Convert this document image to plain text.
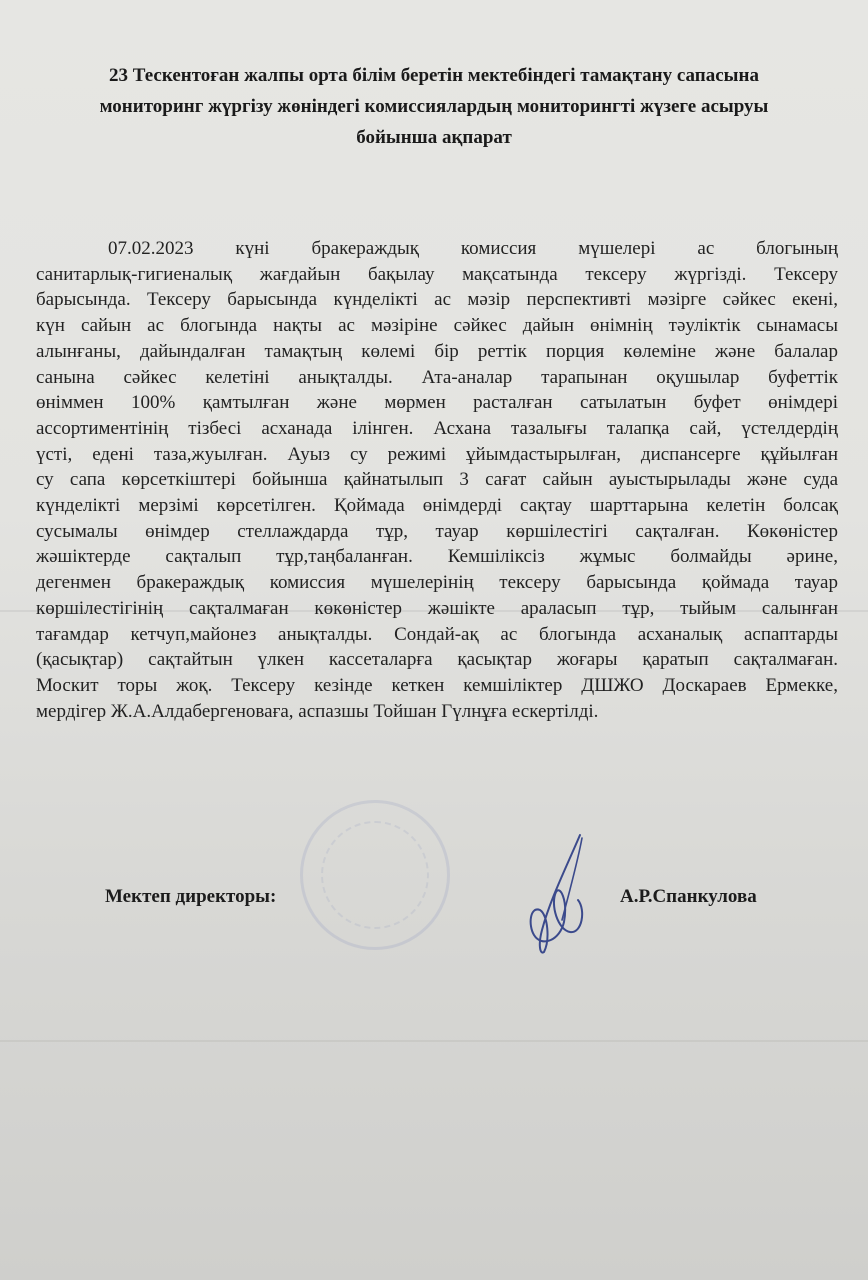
23 Тескентоған жалпы орта білім беретін мектебіндегі тамақтану сапасына
мониторинг жүргізу жөніндегі комиссиялардың мониторингті жүзеге асыруы
бойынша ақпарат
07.02.2023 күні бракераждық комиссия мүшелері ас блогының
санитарлық-гигиеналық жағдайын бақылау мақсатында тексеру жүргізді. Тексеру
барысында. Тексеру барысында күнделікті ас мәзір перспективті мәзірге сәйкес екені,
күн сайын ас блогында нақты ас мәзіріне сәйкес дайын өнімнің тәуліктік сынамасы
алынғаны, дайындалған тамақтың көлемі бір реттік порция көлеміне және балалар
санына сәйкес келетіні анықталды. Ата-аналар тарапынан оқушылар буфеттік
өніммен 100% қамтылған және мөрмен расталған сатылатын буфет өнімдері
ассортиментінің тізбесі асханада ілінген. Асхана тазалығы талапқа сай, үстелдердің
үсті, едені таза,жуылған. Ауыз су режимі ұйымдастырылған, диспансерге құйылған
су сапа көрсеткіштері бойынша қайнатылып 3 сағат сайын ауыстырылады және суда
күнделікті мерзімі көрсетілген. Қоймада өнімдерді сақтау шарттарына келетін болсақ
сусымалы өнімдер стеллаждарда тұр, тауар көршілестігі сақталған. Көкөністер
жәшіктерде сақталып тұр,таңбаланған. Кемшіліксіз жұмыс болмайды әрине,
дегенмен бракераждық комиссия мүшелерінің тексеру барысында қоймада тауар
көршілестігінің сақталмаған көкөністер жәшікте араласып тұр, тыйым салынған
тағамдар кетчуп,майонез анықталды. Сондай-ақ ас блогында асханалық аспаптарды
(қасықтар) сақтайтын үлкен кассеталарға қасықтар жоғары қаратып сақталмаған.
Москит торы жоқ. Тексеру кезінде кеткен кемшіліктер ДШЖО Доскараев Ермекке,
мердігер Ж.А.Алдабергеноваға, аспазшы Тойшан Гүлнұға ескертілді.
Мектеп директоры:	А.Р.Спанкулова
